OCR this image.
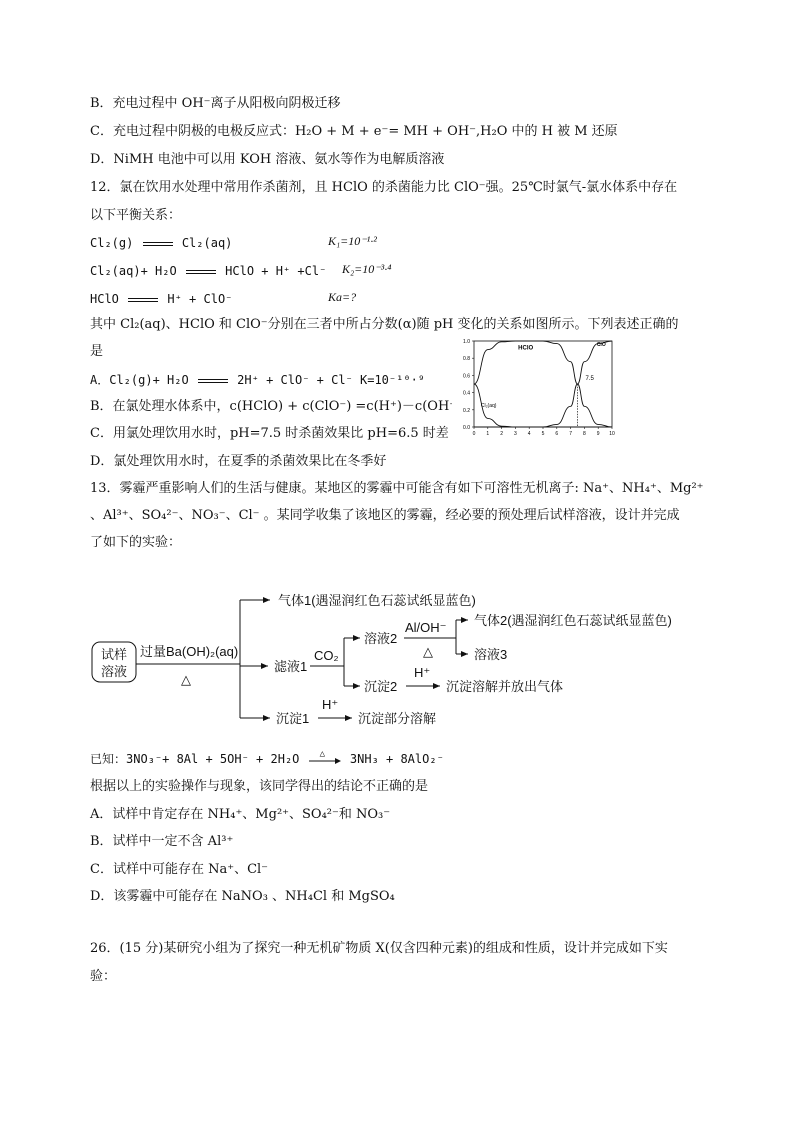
B．充电过程中 OH⁻离子从阳极向阴极迁移
C．充电过程中阴极的电极反应式：H₂O + M + e⁻= MH + OH⁻,H₂O 中的 H 被 M 还原
D．NiMH 电池中可以用 KOH 溶液、氨水等作为电解质溶液
12．氯在饮用水处理中常用作杀菌剂，且 HClO 的杀菌能力比 ClO⁻强。25℃时氯气-氯水体系中存在
以下平衡关系：
Cl₂(g)	Cl₂(aq)	K₁=10⁻¹·²
Cl₂(aq)+ H₂O	HClO + H⁺ +Cl⁻ K₂=10⁻³·⁴
HClO	H⁺ + ClO⁻	Ka=?
其中 Cl₂(aq)、HClO 和 ClO⁻分别在三者中所占分数(α)随 pH 变化的关系如图所示。下列表述正确的
是
A．Cl₂(g)+ H₂O	2H⁺ + ClO⁻ + Cl⁻ K=10⁻¹⁰·⁹
B．在氯处理水体系中，c(HClO) + c(ClO⁻) =c(H⁺)－c(OH⁻)
C．用氯处理饮用水时，pH=7.5 时杀菌效果比 pH=6.5 时差
D．氯处理饮用水时，在夏季的杀菌效果比在冬季好
0.0
0.2
0.4
0.6
0.8
1.0
0 1 2 3 4 5 6 7 8 9 10
7.5
Cl₂(aq)
HClO
ClO
13．雾霾严重影响人们的生活与健康。某地区的雾霾中可能含有如下可溶性无机离子: Na⁺、NH₄⁺、Mg²⁺
、Al³⁺、SO₄²⁻、NO₃⁻、Cl⁻ 。某同学收集了该地区的雾霾，经必要的预处理后试样溶液，设计并完成
了如下的实验：
试样
溶液
过量Ba(OH)₂(aq)
△
气体1(遇湿润红色石蕊试纸显蓝色)
滤液1
沉淀1
H⁺
沉淀部分溶解
CO₂
溶液2
沉淀2
H⁺
沉淀溶解并放出气体
Al/OH⁻
△
气体2(遇湿润红色石蕊试纸显蓝色)
溶液3
已知：3NO₃⁻+ 8Al + 5OH⁻ + 2H₂O △ 3NH₃ + 8AlO₂⁻
根据以上的实验操作与现象，该同学得出的结论不正确的是
A．试样中肯定存在 NH₄⁺、Mg²⁺、SO₄²⁻和 NO₃⁻
B．试样中一定不含 Al³⁺
C．试样中可能存在 Na⁺、Cl⁻
D．该雾霾中可能存在 NaNO₃ 、NH₄Cl 和 MgSO₄
26．(15 分)某研究小组为了探究一种无机矿物质 X(仅含四种元素)的组成和性质，设计并完成如下实
验：
